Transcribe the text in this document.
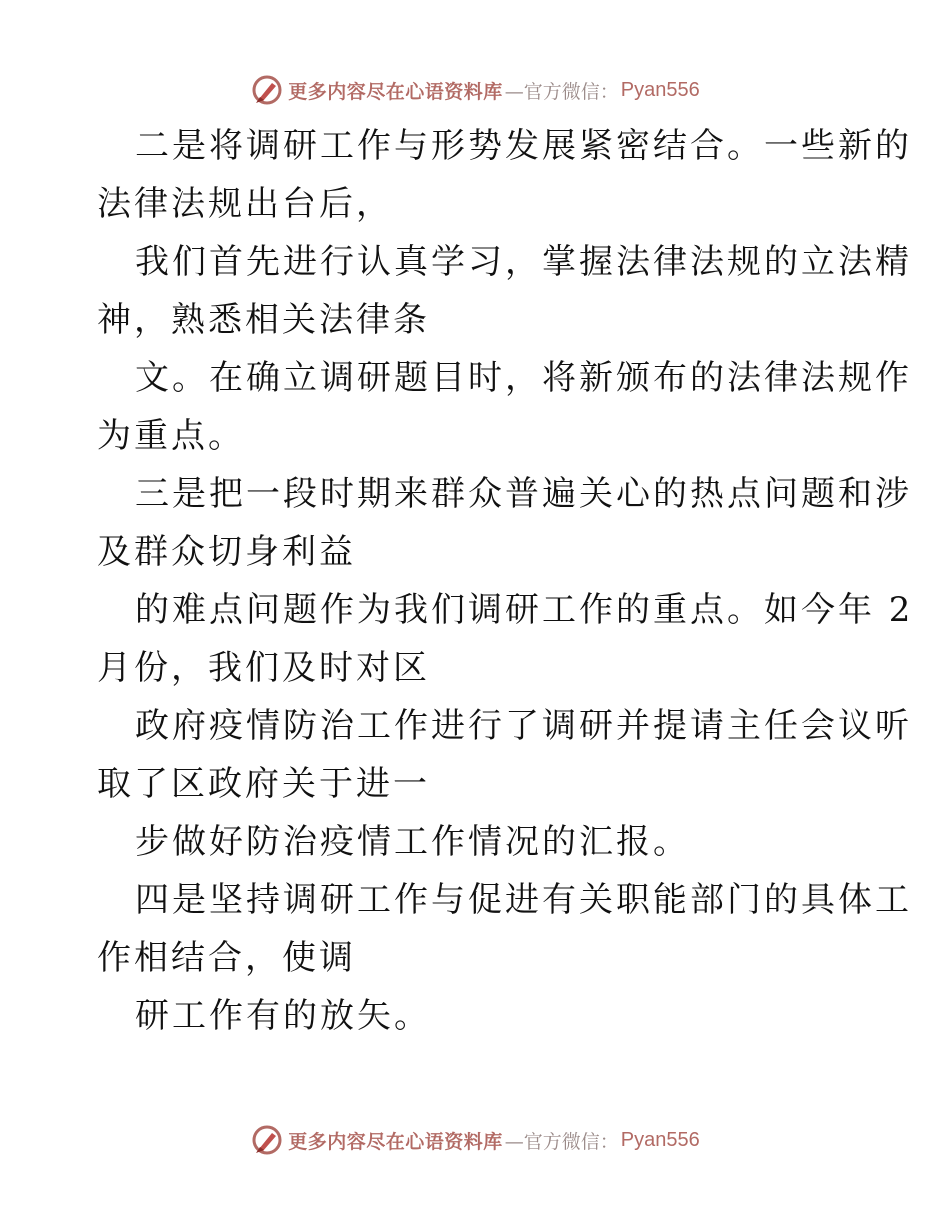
更多内容尽在心语资料库 —官方微信： Pyan556
二是将调研工作与形势发展紧密结合。一些新的
法律法规出台后，
我们首先进行认真学习，掌握法律法规的立法精
神，熟悉相关法律条
文。在确立调研题目时，将新颁布的法律法规作
为重点。
三是把一段时期来群众普遍关心的热点问题和涉
及群众切身利益
的难点问题作为我们调研工作的重点。如今年 2
月份，我们及时对区
政府疫情防治工作进行了调研并提请主任会议听
取了区政府关于进一
步做好防治疫情工作情况的汇报。
四是坚持调研工作与促进有关职能部门的具体工
作相结合，使调
研工作有的放矢。
更多内容尽在心语资料库 —官方微信： Pyan556
